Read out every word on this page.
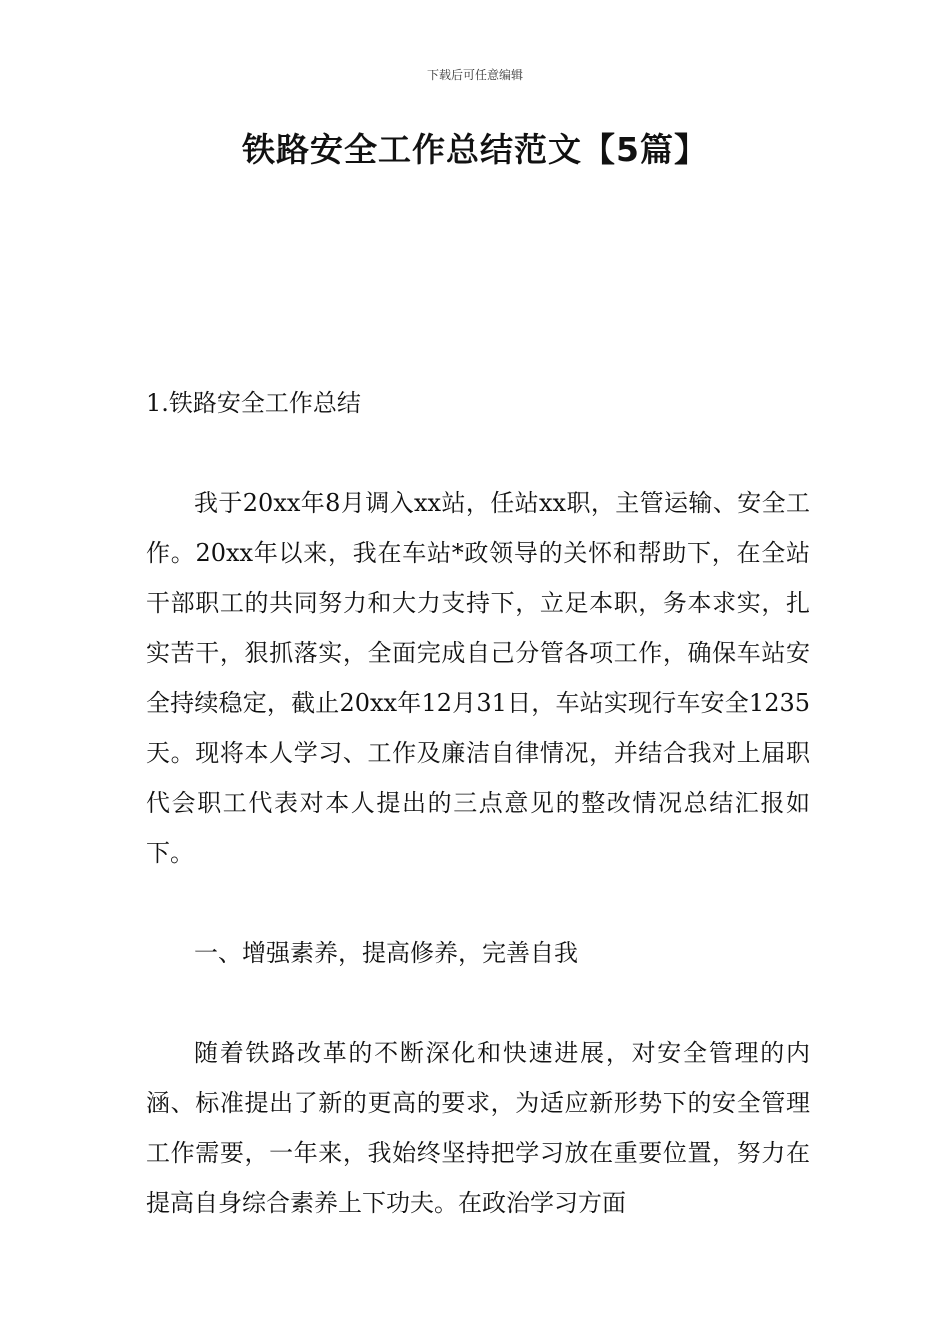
下载后可任意编辑
铁路安全工作总结范文【5篇】
1.铁路安全工作总结

我于20xx年8月调入xx站，任站xx职，主管运输、安全工作。20xx年以来，我在车站*政领导的关怀和帮助下，在全站干部职工的共同努力和大力支持下，立足本职，务本求实，扎实苦干，狠抓落实，全面完成自己分管各项工作，确保车站安全持续稳定，截止20xx年12月31日，车站实现行车安全1235天。现将本人学习、工作及廉洁自律情况，并结合我对上届职代会职工代表对本人提出的三点意见的整改情况总结汇报如下。

一、增强素养，提高修养，完善自我

随着铁路改革的不断深化和快速进展，对安全管理的内涵、标准提出了新的更高的要求，为适应新形势下的安全管理工作需要，一年来，我始终坚持把学习放在重要位置，努力在提高自身综合素养上下功夫。在政治学习方面
